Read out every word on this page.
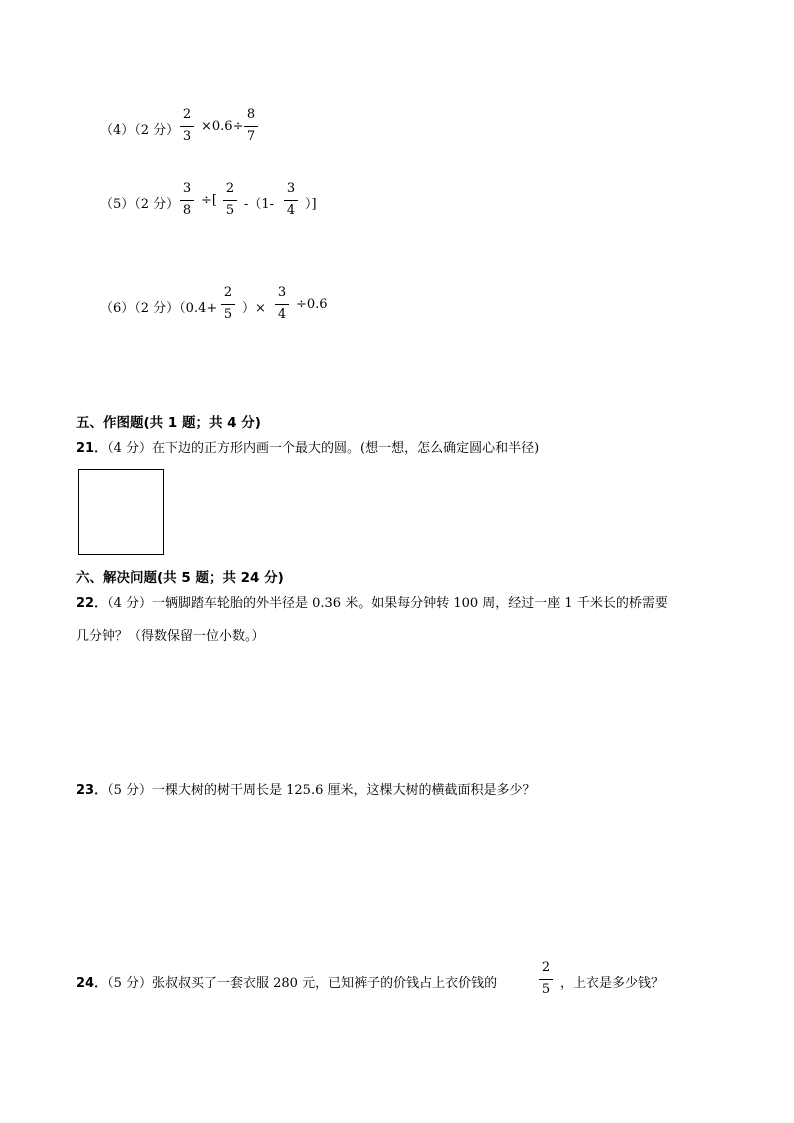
（4）（2 分）
2
3
×0.6÷
8
7
（5）（2 分）
3
8
÷[
2
5 -（1-
3
4 ）]
（6）（2 分）（0.4+
2
5 ）×
3
4
÷0.6
五、作图题(共 1 题；共 4 分)
21．（4 分）在下边的正方形内画一个最大的圆。(想一想，怎么确定圆心和半径)
六、解决问题(共 5 题；共 24 分)
22．（4 分）一辆脚踏车轮胎的外半径是 0.36 米。如果每分钟转 100 周，经过一座 1 千米长的桥需要
几分钟？（得数保留一位小数。）
23．（5 分）一棵大树的树干周长是 125.6 厘米，这棵大树的横截面积是多少？
24．（5 分）张叔叔买了一套衣服 280 元，已知裤子的价钱占上衣价钱的
2
5 ，上衣是多少钱？
